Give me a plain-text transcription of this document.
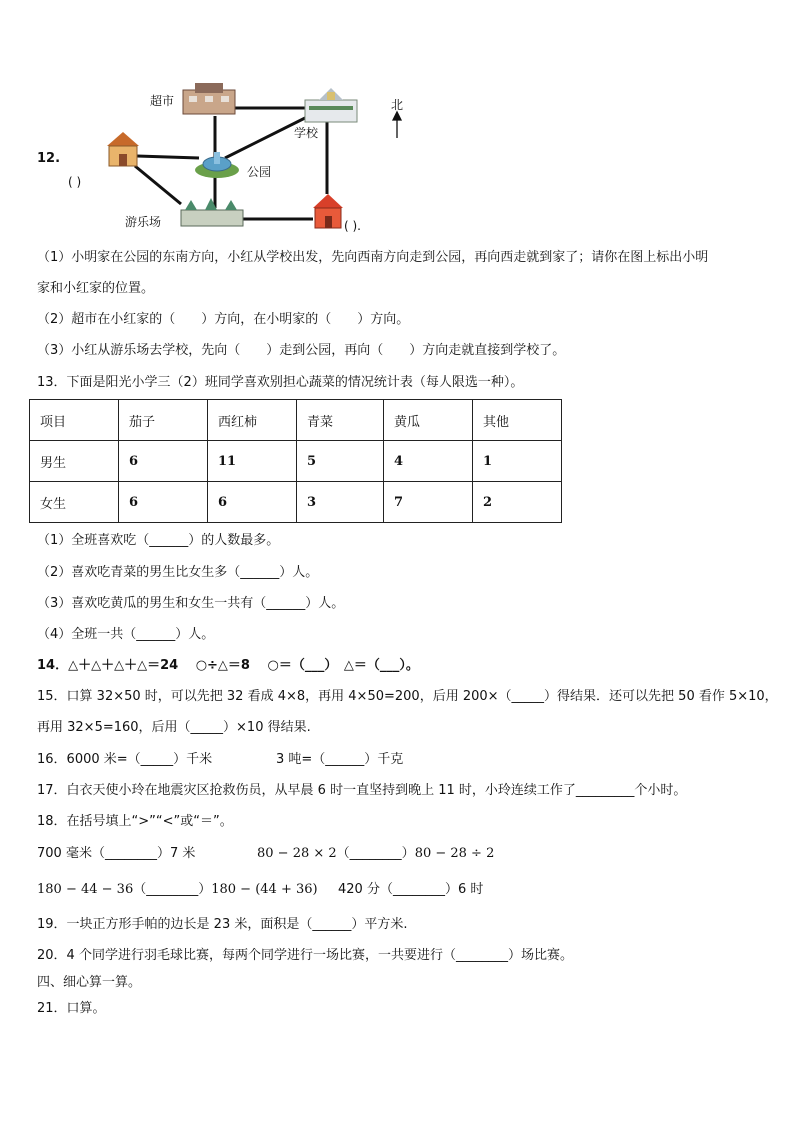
12.
超市
学校
公园
游乐场
北
( )
( ).
（1）小明家在公园的东南方向，小红从学校出发，先向西南方向走到公园，再向西走就到家了；请你在图上标出小明
家和小红家的位置。
（2）超市在小红家的（　　）方向，在小明家的（　　）方向。
（3）小红从游乐场去学校，先向（　　）走到公园，再向（　　）方向走就直接到学校了。
13．下面是阳光小学三（2）班同学喜欢别担心蔬菜的情况统计表（每人限选一种）。
项目	茄子	西红柿	青菜	黄瓜	其他
男生	6	11	5	4	1
女生	6	6	3	7	2
（1）全班喜欢吃（______）的人数最多。
（2）喜欢吃青菜的男生比女生多（______）人。
（3）喜欢吃黄瓜的男生和女生一共有（______）人。
（4）全班一共（______）人。
14．△＋△＋△＋△＝24　 ○÷△＝8　 ○＝（___）　△＝（___）。
15．口算 32×50 时，可以先把 32 看成 4×8，再用 4×50=200，后用 200×（_____）得结果．还可以先把 50 看作 5×10，
再用 32×5=160，后用（_____）×10 得结果.
16．6000 米=（_____）千米	3 吨=（______）千克
17．白衣天使小玲在地震灾区抢救伤员，从早晨 6 时一直坚持到晚上 11 时，小玲连续工作了_________个小时。
18．在括号填上“>”“<”或“＝”。
700 毫米（________）7 米	80 − 28 × 2（________）80 − 28 ÷ 2
180 − 44 − 36（________）180 − (44 + 36) 420 分（________）6 时
19．一块正方形手帕的边长是 23 米，面积是（______）平方米.
20．4 个同学进行羽毛球比赛，每两个同学进行一场比赛，一共要进行（________）场比赛。
四、细心算一算。
21．口算。
